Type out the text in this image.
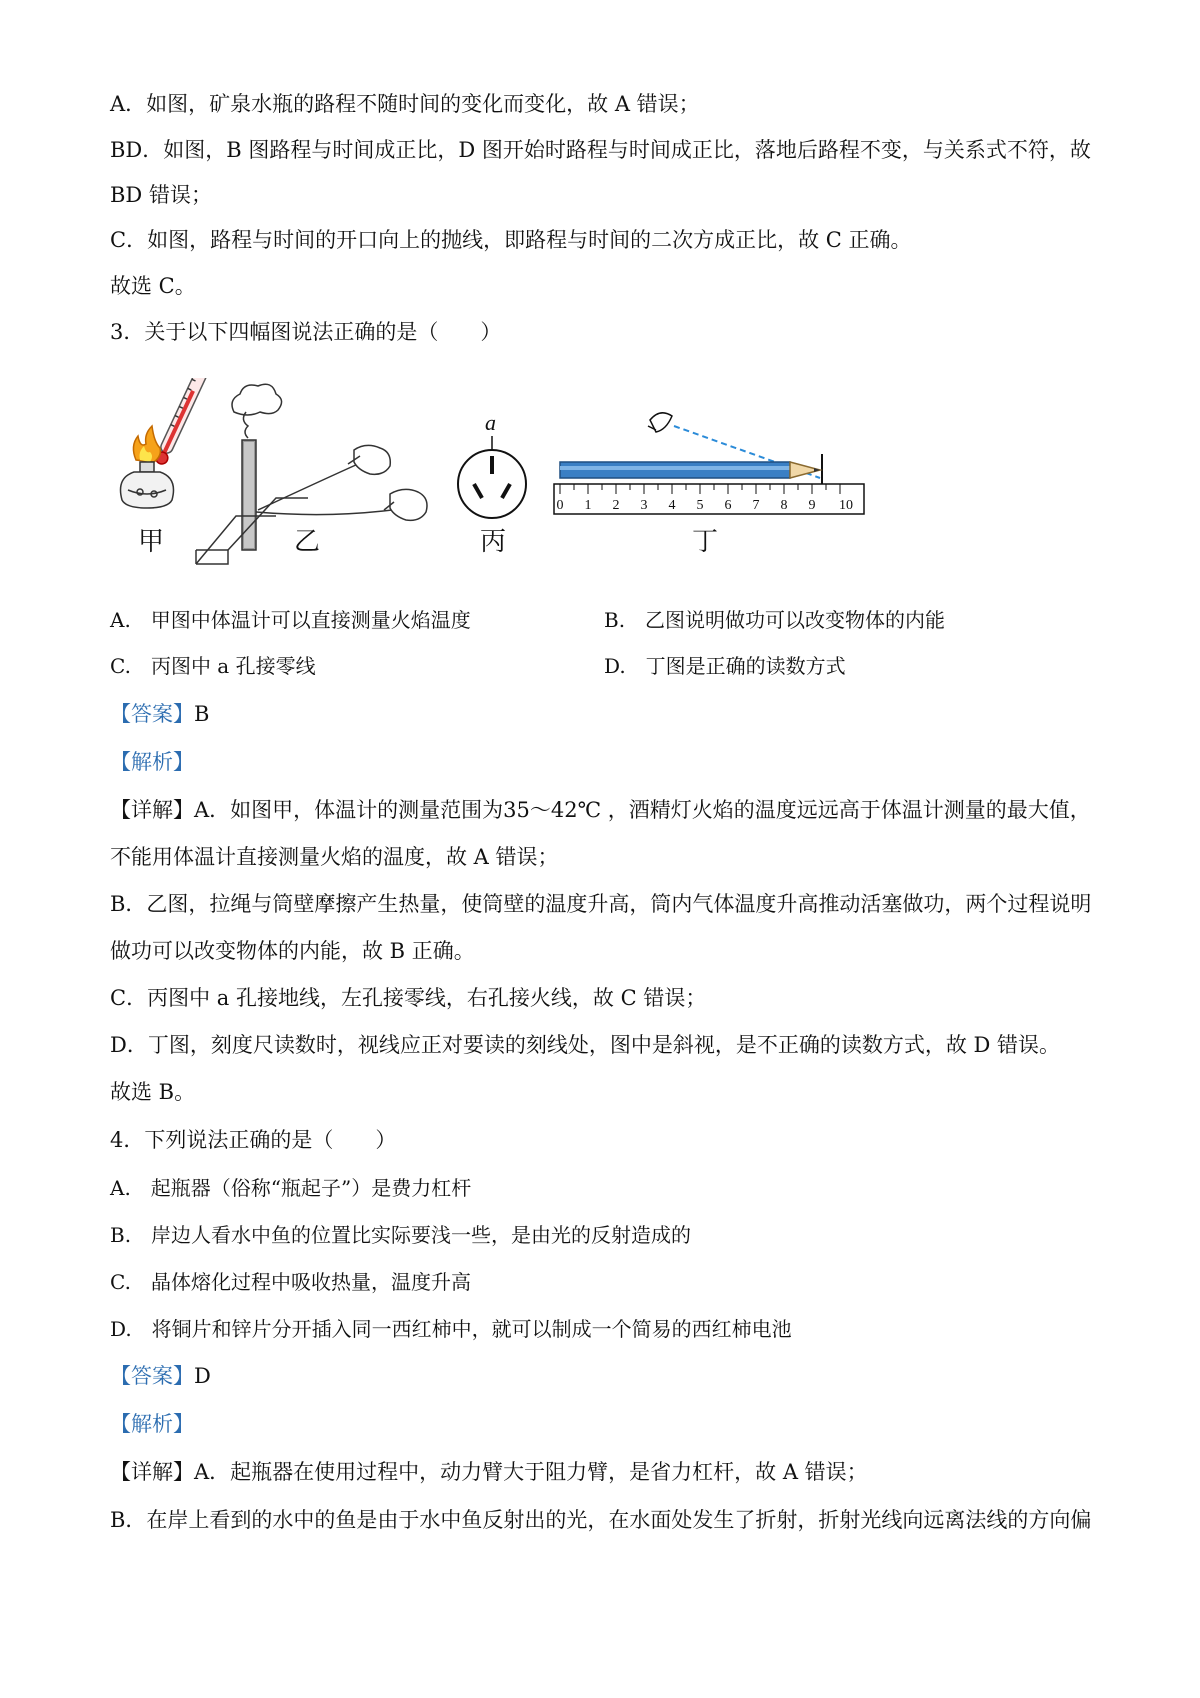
A．如图，矿泉水瓶的路程不随时间的变化而变化，故 A 错误；
BD．如图，B 图路程与时间成正比，D 图开始时路程与时间成正比，落地后路程不变，与关系式不符，故
BD 错误；
C．如图，路程与时间的开口向上的抛线，即路程与时间的二次方成正比，故 C 正确。
故选 C。
3．关于以下四幅图说法正确的是（　　）
甲	乙
a
丙
0 1 2 3 4 5 6 7 8 9 10
丁
A.　甲图中体温计可以直接测量火焰温度	B.　乙图说明做功可以改变物体的内能
C.　丙图中 a 孔接零线	D.　丁图是正确的读数方式
【答案】B
【解析】
【详解】A．如图甲，体温计的测量范围为35～42℃ ，酒精灯火焰的温度远远高于体温计测量的最大值，
不能用体温计直接测量火焰的温度，故 A 错误；
B．乙图，拉绳与筒壁摩擦产生热量，使筒壁的温度升高，筒内气体温度升高推动活塞做功，两个过程说明
做功可以改变物体的内能，故 B 正确。
C．丙图中 a 孔接地线，左孔接零线，右孔接火线，故 C 错误；
D．丁图，刻度尺读数时，视线应正对要读的刻线处，图中是斜视，是不正确的读数方式，故 D 错误。
故选 B。
4．下列说法正确的是（　　）
A.　起瓶器（俗称“瓶起子”）是费力杠杆
B.　岸边人看水中鱼的位置比实际要浅一些，是由光的反射造成的
C.　晶体熔化过程中吸收热量，温度升高
D.　将铜片和锌片分开插入同一西红柿中，就可以制成一个简易的西红柿电池
【答案】D
【解析】
【详解】A．起瓶器在使用过程中，动力臂大于阻力臂，是省力杠杆，故 A 错误；
B．在岸上看到的水中的鱼是由于水中鱼反射出的光，在水面处发生了折射，折射光线向远离法线的方向偏
